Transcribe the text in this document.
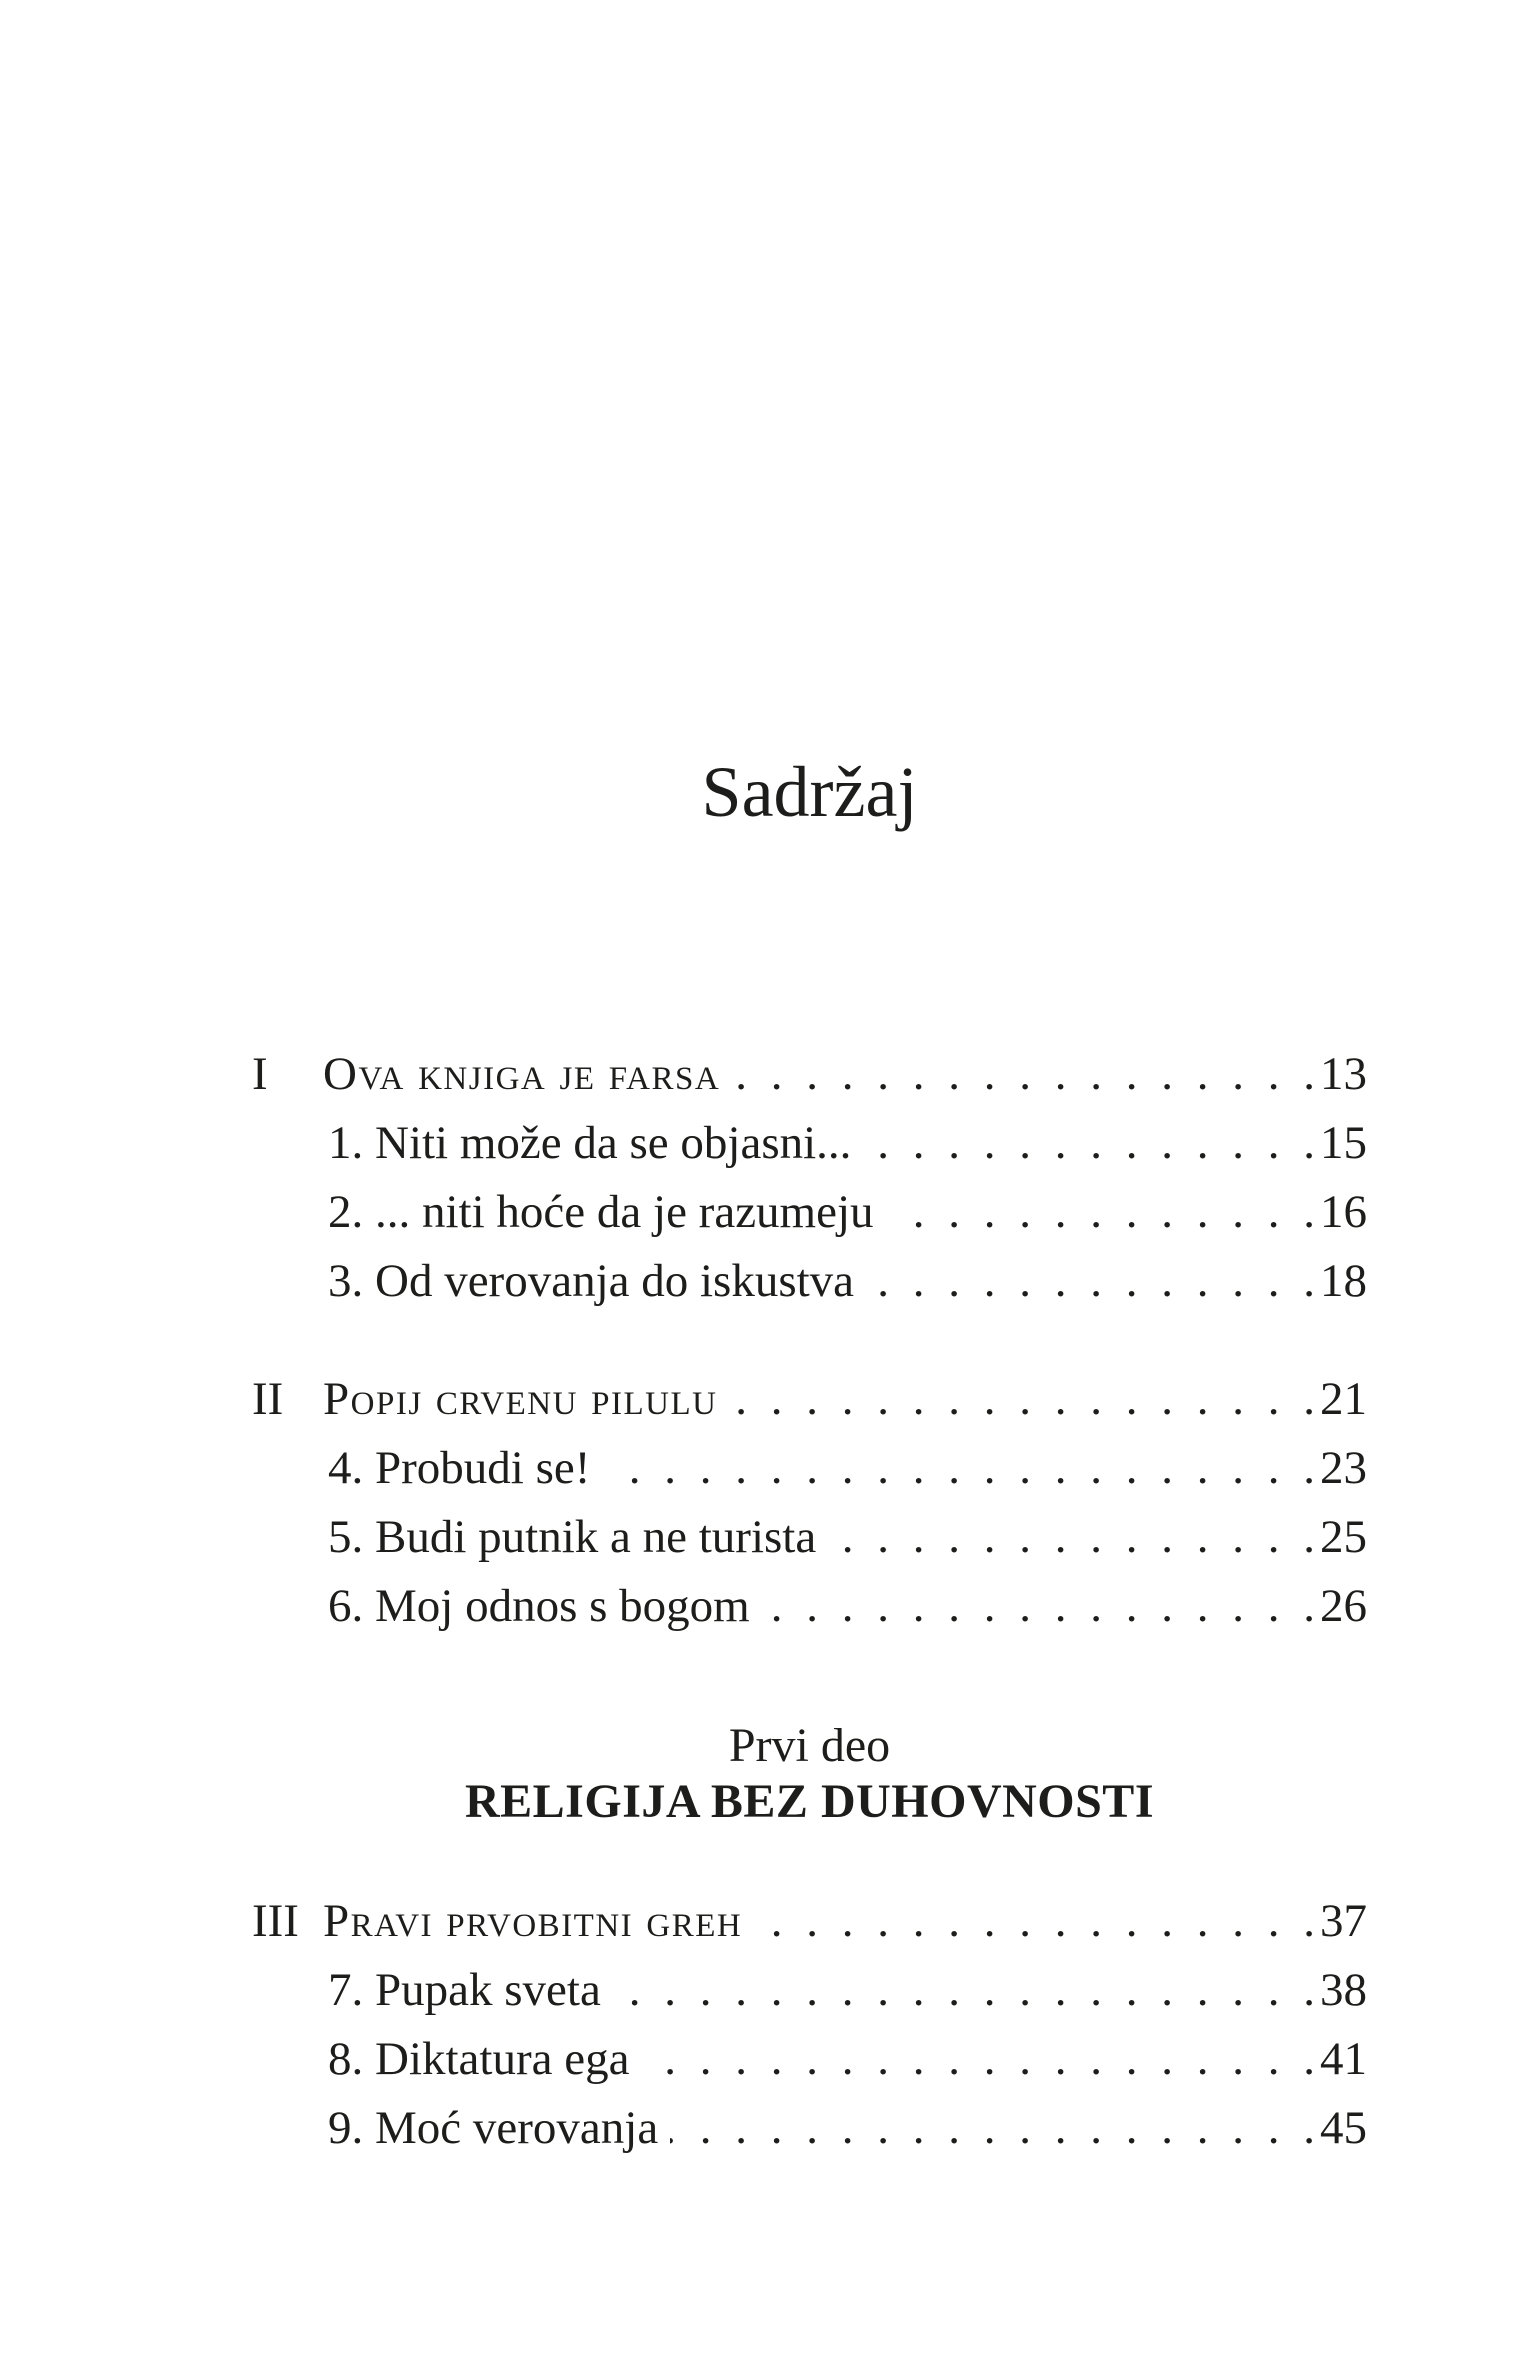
Sadržaj
I	Ova knjiga je farsa . . .	13
1. Niti može da se objasni... . . .	15
2. ... niti hoće da je razumeju . . .	16
3. Od verovanja do iskustva . . .	18
II Popij crvenu pilulu . . .	21
4. Probudi se! . . .	23
5. Budi putnik a ne turista . . .	25
6. Moj odnos s bogom . . .	26

Prvi deo

RELIGIJA BEZ DUHOVNOSTI

III Pravi prvobitni greh . . .	37
7. Pupak sveta . . .	38
8. Diktatura ega . . .	41
9. Moć verovanja . . .	45
